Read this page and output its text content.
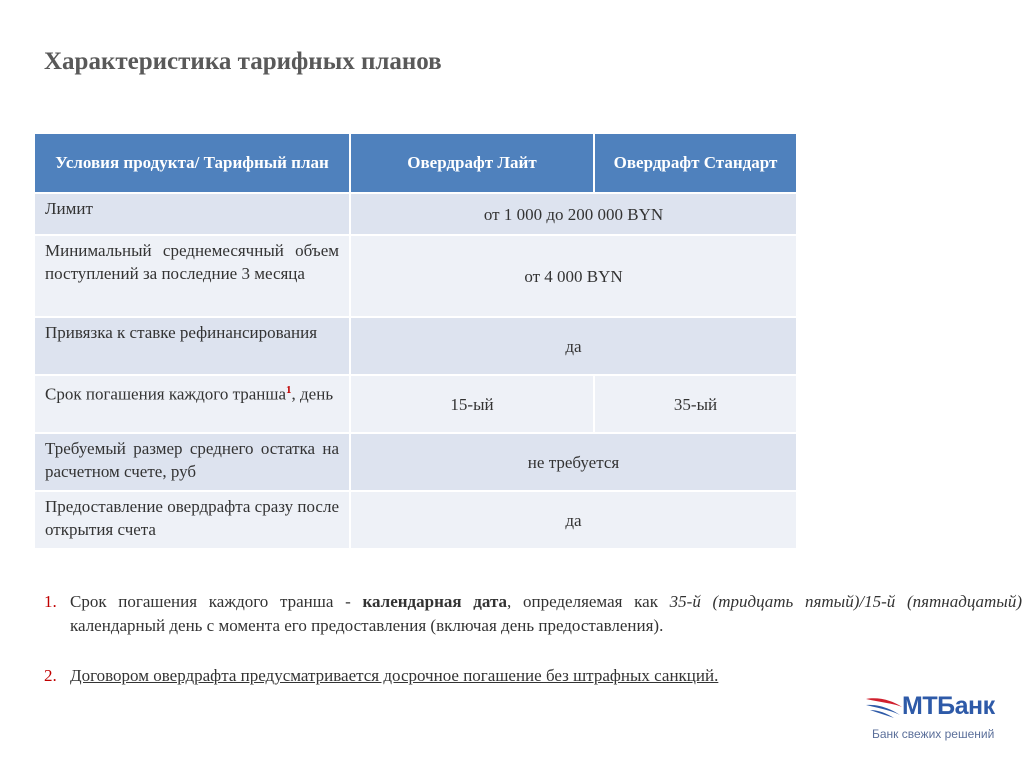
Характеристика тарифных планов
Условия продукта/ Тарифный план	Овердрафт Лайт	Овердрафт Стандарт
Лимит	от 1 000 до 200 000 BYN	
Минимальный среднемесячный объем поступлений за последние 3 месяца	от 4 000 BYN	
Привязка к ставке рефинансирования	да	
Срок погашения каждого транша$^1$, день	15-ый	35-ый
Требуемый размер среднего остатка на расчетном счете, руб	не требуется	
Предоставление овердрафта сразу после открытия счета	да	
1. Срок погашения каждого транша - календарная дата, определяемая как 35-й (тридцать пятый)/15-й (пятнадцатый) календарный день с момента его предоставления (включая день предоставления).
2. Договором овердрафта предусматривается досрочное погашение без штрафных санкций.
МТБанк
Банк свежих решений
